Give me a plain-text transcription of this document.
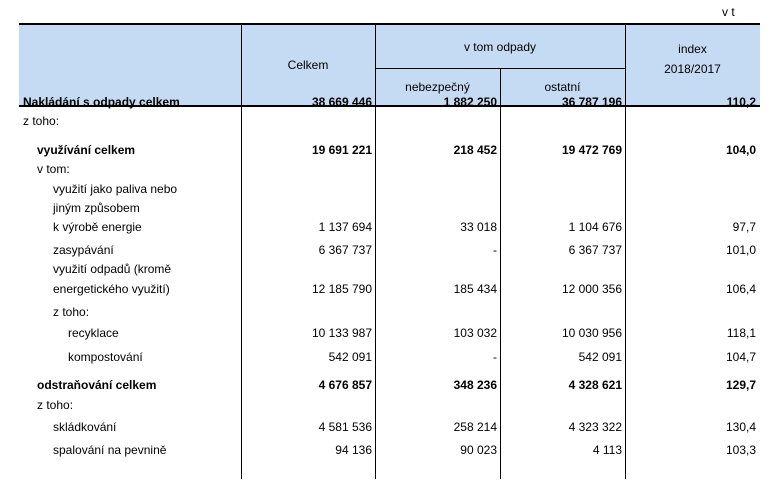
v t
Celkem
v tom odpady
nebezpečný	ostatní
index
2018/2017
Nakládání s odpady celkem	38 669 446	1 882 250	36 787 196	110,2
z toho:
využívání celkem	19 691 221	218 452	19 472 769	104,0
v tom:
využití jako paliva nebo
jiným způsobem
k výrobě energie	1 137 694	33 018	1 104 676	97,7
zasypávání	6 367 737	-	6 367 737	101,0
využití odpadů (kromě
energetického využití)	12 185 790	185 434	12 000 356	106,4
z toho:
recyklace	10 133 987	103 032	10 030 956	118,1
kompostování	542 091	-	542 091	104,7
odstraňování celkem	4 676 857	348 236	4 328 621	129,7
z toho:
skládkování	4 581 536	258 214	4 323 322	130,4
spalování na pevnině	94 136	90 023	4 113	103,3
